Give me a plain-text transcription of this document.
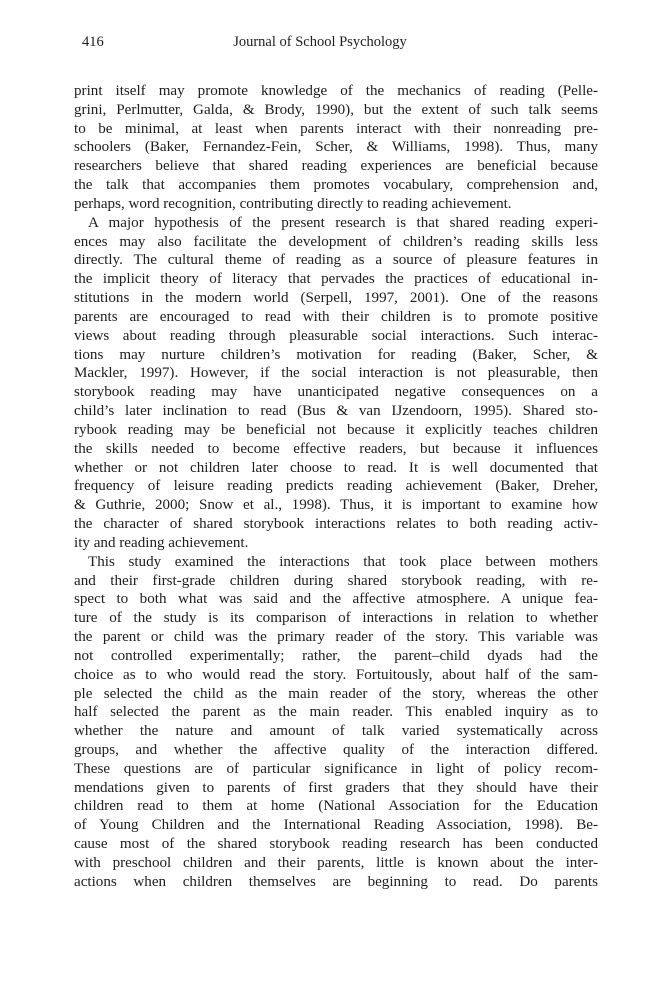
416	Journal of School Psychology
print itself may promote knowledge of the mechanics of reading (Pelle-
grini, Perlmutter, Galda, & Brody, 1990), but the extent of such talk seems
to be minimal, at least when parents interact with their nonreading pre-
schoolers (Baker, Fernandez-Fein, Scher, & Williams, 1998). Thus, many
researchers believe that shared reading experiences are beneficial because
the talk that accompanies them promotes vocabulary, comprehension and,
perhaps, word recognition, contributing directly to reading achievement.
A major hypothesis of the present research is that shared reading experi-
ences may also facilitate the development of children’s reading skills less
directly. The cultural theme of reading as a source of pleasure features in
the implicit theory of literacy that pervades the practices of educational in-
stitutions in the modern world (Serpell, 1997, 2001). One of the reasons
parents are encouraged to read with their children is to promote positive
views about reading through pleasurable social interactions. Such interac-
tions may nurture children’s motivation for reading (Baker, Scher, &
Mackler, 1997). However, if the social interaction is not pleasurable, then
storybook reading may have unanticipated negative consequences on a
child’s later inclination to read (Bus & van IJzendoorn, 1995). Shared sto-
rybook reading may be beneficial not because it explicitly teaches children
the skills needed to become effective readers, but because it influences
whether or not children later choose to read. It is well documented that
frequency of leisure reading predicts reading achievement (Baker, Dreher,
& Guthrie, 2000; Snow et al., 1998). Thus, it is important to examine how
the character of shared storybook interactions relates to both reading activ-
ity and reading achievement.
This study examined the interactions that took place between mothers
and their first-grade children during shared storybook reading, with re-
spect to both what was said and the affective atmosphere. A unique fea-
ture of the study is its comparison of interactions in relation to whether
the parent or child was the primary reader of the story. This variable was
not controlled experimentally; rather, the parent–child dyads had the
choice as to who would read the story. Fortuitously, about half of the sam-
ple selected the child as the main reader of the story, whereas the other
half selected the parent as the main reader. This enabled inquiry as to
whether the nature and amount of talk varied systematically across
groups, and whether the affective quality of the interaction differed.
These questions are of particular significance in light of policy recom-
mendations given to parents of first graders that they should have their
children read to them at home (National Association for the Education
of Young Children and the International Reading Association, 1998). Be-
cause most of the shared storybook reading research has been conducted
with preschool children and their parents, little is known about the inter-
actions when children themselves are beginning to read. Do parents
